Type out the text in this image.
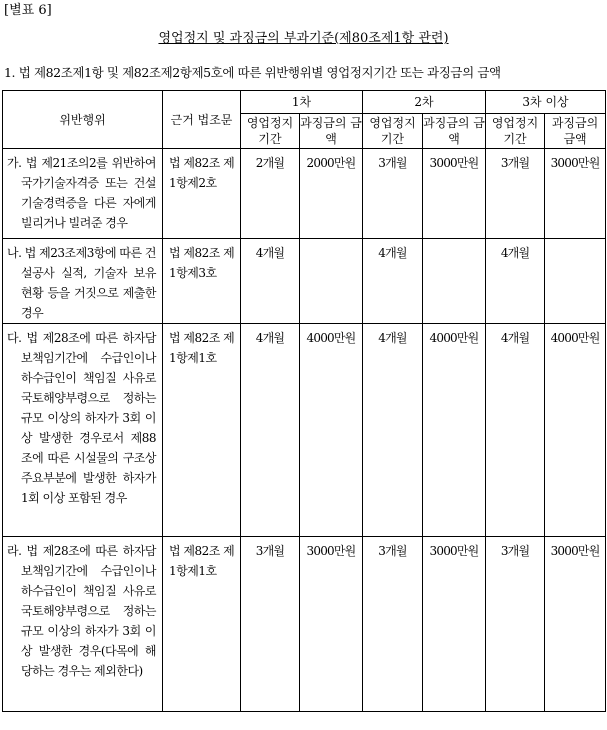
[별표 6]
영업정지 및 과징금의 부과기준(제80조제1항 관련)
1. 법 제82조제1항 및 제82조제2항제5호에 따른 위반행위별 영업정지기간 또는 과징금의 금액
위반행위	근거 법조문	1차		2차		3차 이상	
		영업정지 기간	과징금의 금액	영업정지 기간	과징금의 금액	영업정지 기간	과징금의 금액

가. 법 제21조의2를 위반하여 국가기술자격증 또는 건설기술경력증을 다른 자에게 빌리거나 빌려준 경우	법 제82조 제1항제2호	2개월	2000만원	3개월	3000만원	3개월	3000만원

나. 법 제23조제3항에 따른 건설공사 실적, 기술자 보유현황 등을 거짓으로 제출한 경우	법 제82조 제1항제3호	4개월		4개월		4개월	

다. 법 제28조에 따른 하자담보책임기간에 수급인이나 하수급인이 책임질 사유로 국토해양부령으로 정하는 규모 이상의 하자가 3회 이상 발생한 경우로서 제88조에 따른 시설물의 구조상 주요부분에 발생한 하자가 1회 이상 포함된 경우	법 제82조 제1항제1호	4개월	4000만원	4개월	4000만원	4개월	4000만원

라. 법 제28조에 따른 하자담보책임기간에 수급인이나 하수급인이 책임질 사유로 국토해양부령으로 정하는 규모 이상의 하자가 3회 이상 발생한 경우(다목에 해당하는 경우는 제외한다)	법 제82조 제1항제1호	3개월	3000만원	3개월	3000만원	3개월	3000만원
